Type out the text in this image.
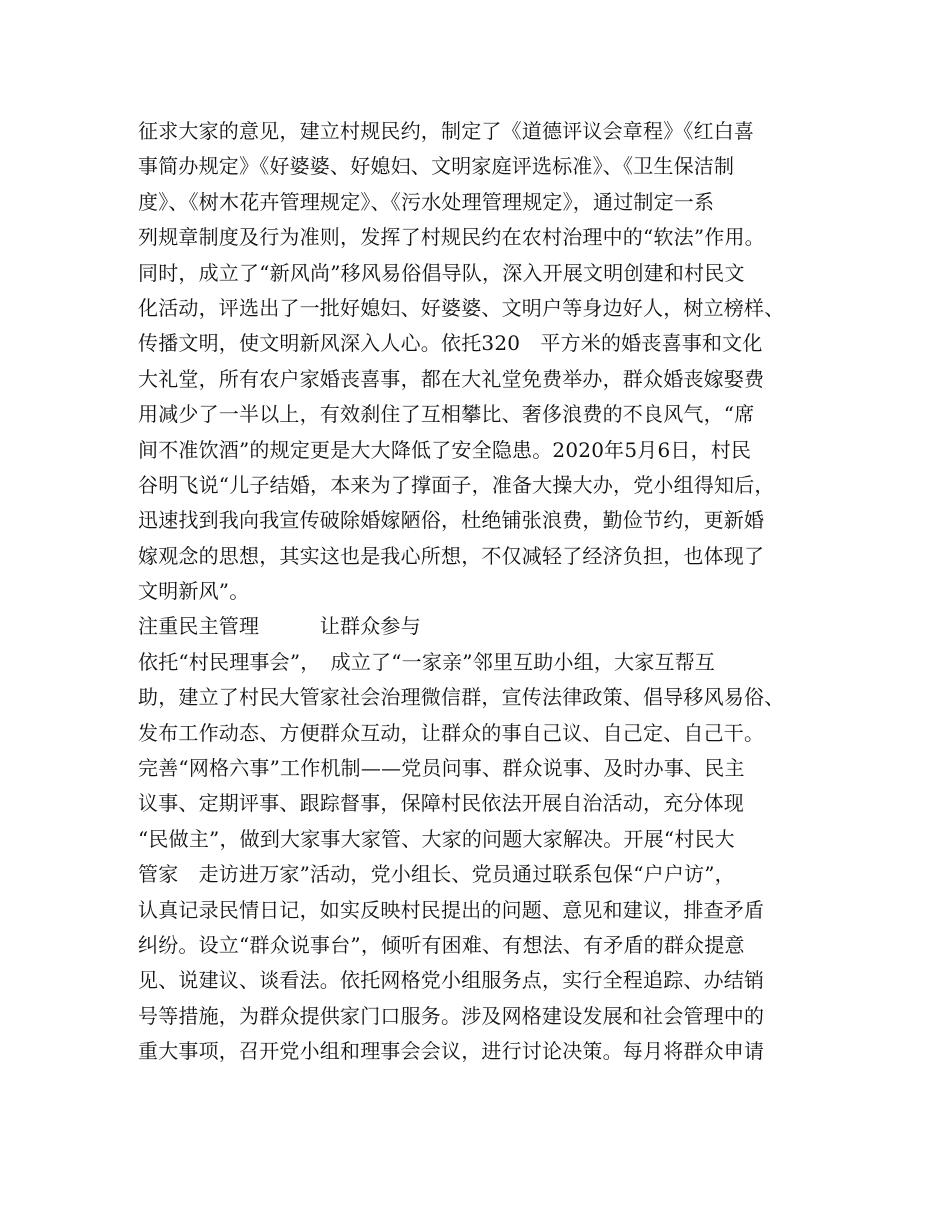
征求大家的意见，建立村规民约，制定了《道德评议会章程》《红白喜
事简办规定》《好婆婆、好媳妇、文明家庭评选标准》、《卫生保洁制
度》、《树木花卉管理规定》、《污水处理管理规定》，通过制定一系
列规章制度及行为准则，发挥了村规民约在农村治理中的“软法”作用。
同时，成立了“新风尚”移风易俗倡导队，深入开展文明创建和村民文
化活动，评选出了一批好媳妇、好婆婆、文明户等身边好人，树立榜样、
传播文明，使文明新风深入人心。依托320　平方米的婚丧喜事和文化
大礼堂，所有农户家婚丧喜事，都在大礼堂免费举办，群众婚丧嫁娶费
用减少了一半以上，有效刹住了互相攀比、奢侈浪费的不良风气，“席
间不准饮酒”的规定更是大大降低了安全隐患。2020年5月6日，村民
谷明飞说“儿子结婚，本来为了撑面子，准备大操大办，党小组得知后，
迅速找到我向我宣传破除婚嫁陋俗，杜绝铺张浪费，勤俭节约，更新婚
嫁观念的思想，其实这也是我心所想，不仅减轻了经济负担，也体现了
文明新风”。
注重民主管理　　　让群众参与
依托“村民理事会”，　成立了“一家亲”邻里互助小组，大家互帮互
助，建立了村民大管家社会治理微信群，宣传法律政策、倡导移风易俗、
发布工作动态、方便群众互动，让群众的事自己议、自己定、自己干。
完善“网格六事”工作机制——党员问事、群众说事、及时办事、民主
议事、定期评事、跟踪督事，保障村民依法开展自治活动，充分体现
“民做主”，做到大家事大家管、大家的问题大家解决。开展“村民大
管家　走访进万家”活动，党小组长、党员通过联系包保“户户访”，
认真记录民情日记，如实反映村民提出的问题、意见和建议，排查矛盾
纠纷。设立“群众说事台”，倾听有困难、有想法、有矛盾的群众提意
见、说建议、谈看法。依托网格党小组服务点，实行全程追踪、办结销
号等措施，为群众提供家门口服务。涉及网格建设发展和社会管理中的
重大事项，召开党小组和理事会会议，进行讨论决策。每月将群众申请
